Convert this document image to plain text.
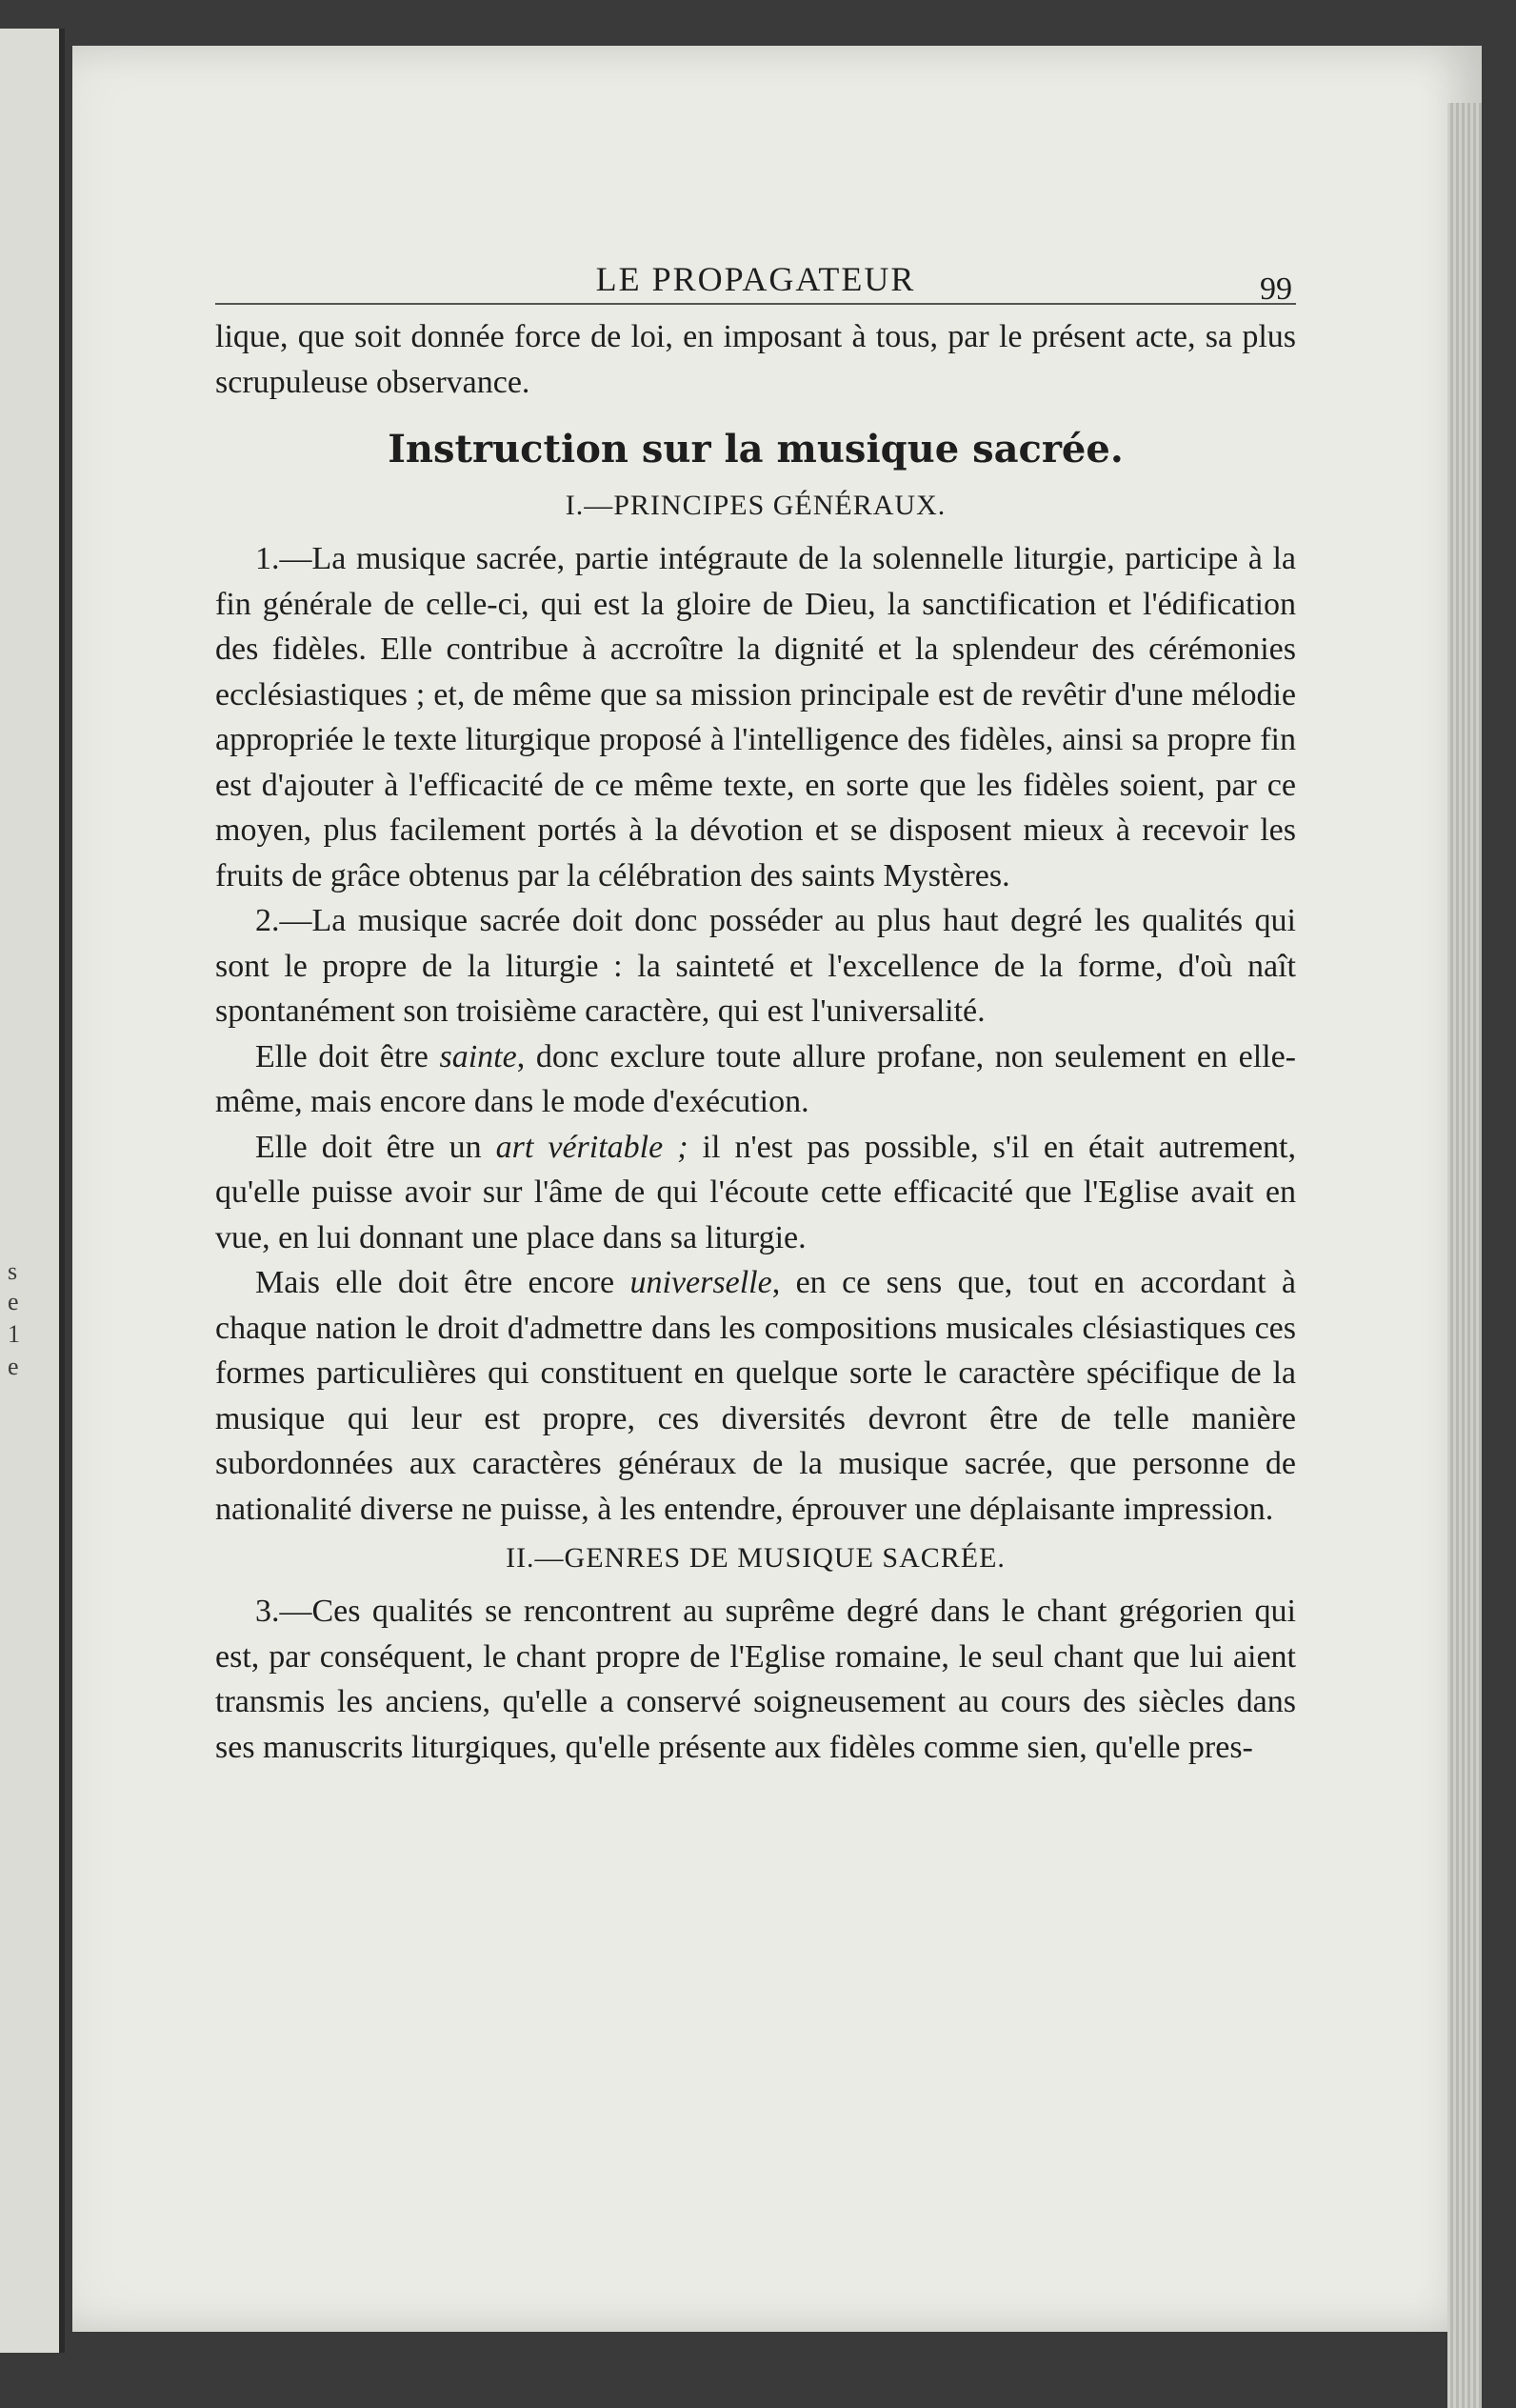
s
e
1
e
LE PROPAGATEUR	99

lique, que soit donnée force de loi, en imposant à tous, par le présent acte, sa plus scrupuleuse observance.

Instruction sur la musique sacrée.
I.—PRINCIPES GÉNÉRAUX.

1.—La musique sacrée, partie intégraute de la solennelle liturgie, participe à la fin générale de celle-ci, qui est la gloire de Dieu, la sanctification et l'édification des fidèles. Elle contribue à accroître la dignité et la splendeur des cérémonies ecclésiastiques ; et, de même que sa mission principale est de revêtir d'une mélodie appropriée le texte liturgique proposé à l'intelligence des fidèles, ainsi sa propre fin est d'ajouter à l'efficacité de ce même texte, en sorte que les fidèles soient, par ce moyen, plus facilement portés à la dévotion et se disposent mieux à recevoir les fruits de grâce obtenus par la célébration des saints Mystères.

2.—La musique sacrée doit donc posséder au plus haut degré les qualités qui sont le propre de la liturgie : la sainteté et l'excellence de la forme, d'où naît spontanément son troisième caractère, qui est l'universalité.

Elle doit être sainte, donc exclure toute allure profane, non seulement en elle-même, mais encore dans le mode d'exécution.

Elle doit être un art véritable ; il n'est pas possible, s'il en était autrement, qu'elle puisse avoir sur l'âme de qui l'écoute cette efficacité que l'Eglise avait en vue, en lui donnant une place dans sa liturgie.

Mais elle doit être encore universelle, en ce sens que, tout en accordant à chaque nation le droit d'admettre dans les compositions musicales clésiastiques ces formes particulières qui constituent en quelque sorte le caractère spécifique de la musique qui leur est propre, ces diversités devront être de telle manière subordonnées aux caractères généraux de la musique sacrée, que personne de nationalité diverse ne puisse, à les entendre, éprouver une déplaisante impression.

II.—GENRES DE MUSIQUE SACRÉE.

3.—Ces qualités se rencontrent au suprême degré dans le chant grégorien qui est, par conséquent, le chant propre de l'Eglise romaine, le seul chant que lui aient transmis les anciens, qu'elle a conservé soigneusement au cours des siècles dans ses manuscrits liturgiques, qu'elle présente aux fidèles comme sien, qu'elle pres-
